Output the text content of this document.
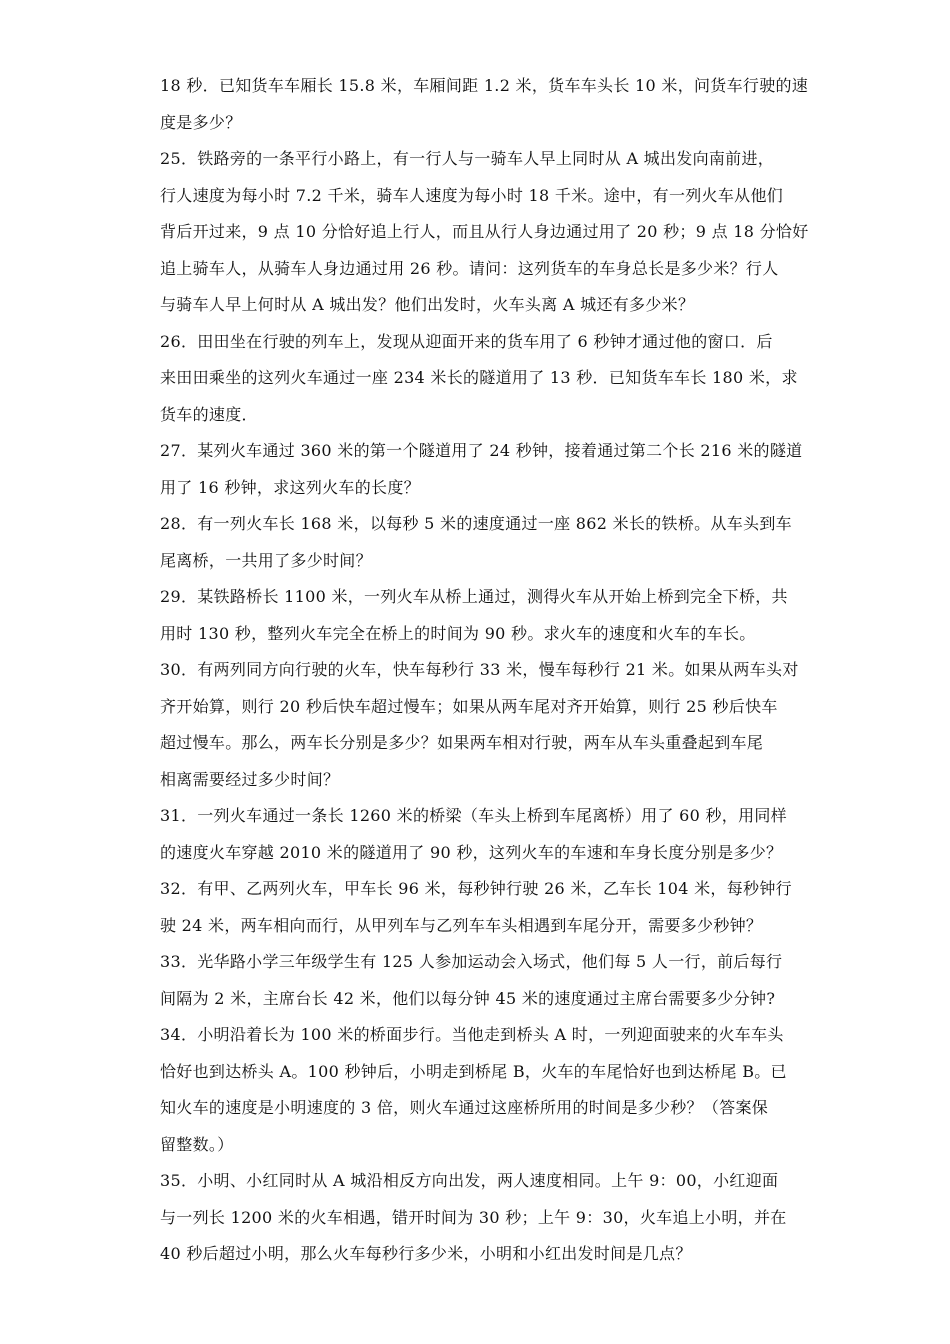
18 秒．已知货车车厢长 15.8 米，车厢间距 1.2 米，货车车头长 10 米，问货车行驶的速
度是多少？
25．铁路旁的一条平行小路上，有一行人与一骑车人早上同时从 A 城出发向南前进，
行人速度为每小时 7.2 千米，骑车人速度为每小时 18 千米。途中，有一列火车从他们
背后开过来，9 点 10 分恰好追上行人，而且从行人身边通过用了 20 秒；9 点 18 分恰好
追上骑车人，从骑车人身边通过用 26 秒。请问：这列货车的车身总长是多少米？行人
与骑车人早上何时从 A 城出发？他们出发时，火车头离 A 城还有多少米？
26．田田坐在行驶的列车上，发现从迎面开来的货车用了 6 秒钟才通过他的窗口．后
来田田乘坐的这列火车通过一座 234 米长的隧道用了 13 秒．已知货车车长 180 米，求
货车的速度．
27．某列火车通过 360 米的第一个隧道用了 24 秒钟，接着通过第二个长 216 米的隧道
用了 16 秒钟，求这列火车的长度？
28．有一列火车长 168 米，以每秒 5 米的速度通过一座 862 米长的铁桥。从车头到车
尾离桥，一共用了多少时间？
29．某铁路桥长 1100 米，一列火车从桥上通过，测得火车从开始上桥到完全下桥，共
用时 130 秒，整列火车完全在桥上的时间为 90 秒。求火车的速度和火车的车长。
30．有两列同方向行驶的火车，快车每秒行 33 米，慢车每秒行 21 米。如果从两车头对
齐开始算，则行 20 秒后快车超过慢车；如果从两车尾对齐开始算，则行 25 秒后快车
超过慢车。那么，两车长分别是多少？如果两车相对行驶，两车从车头重叠起到车尾
相离需要经过多少时间？
31．一列火车通过一条长 1260 米的桥梁（车头上桥到车尾离桥）用了 60 秒，用同样
的速度火车穿越 2010 米的隧道用了 90 秒，这列火车的车速和车身长度分别是多少？
32．有甲、乙两列火车，甲车长 96 米，每秒钟行驶 26 米，乙车长 104 米，每秒钟行
驶 24 米，两车相向而行，从甲列车与乙列车车头相遇到车尾分开，需要多少秒钟？
33．光华路小学三年级学生有 125 人参加运动会入场式，他们每 5 人一行，前后每行
间隔为 2 米，主席台长 42 米，他们以每分钟 45 米的速度通过主席台需要多少分钟?
34．小明沿着长为 100 米的桥面步行。当他走到桥头 A 时，一列迎面驶来的火车车头
恰好也到达桥头 A。100 秒钟后，小明走到桥尾 B，火车的车尾恰好也到达桥尾 B。已
知火车的速度是小明速度的 3 倍，则火车通过这座桥所用的时间是多少秒？（答案保
留整数。）
35．小明、小红同时从 A 城沿相反方向出发，两人速度相同。上午 9：00，小红迎面
与一列长 1200 米的火车相遇，错开时间为 30 秒；上午 9：30，火车追上小明，并在
40 秒后超过小明，那么火车每秒行多少米，小明和小红出发时间是几点？
